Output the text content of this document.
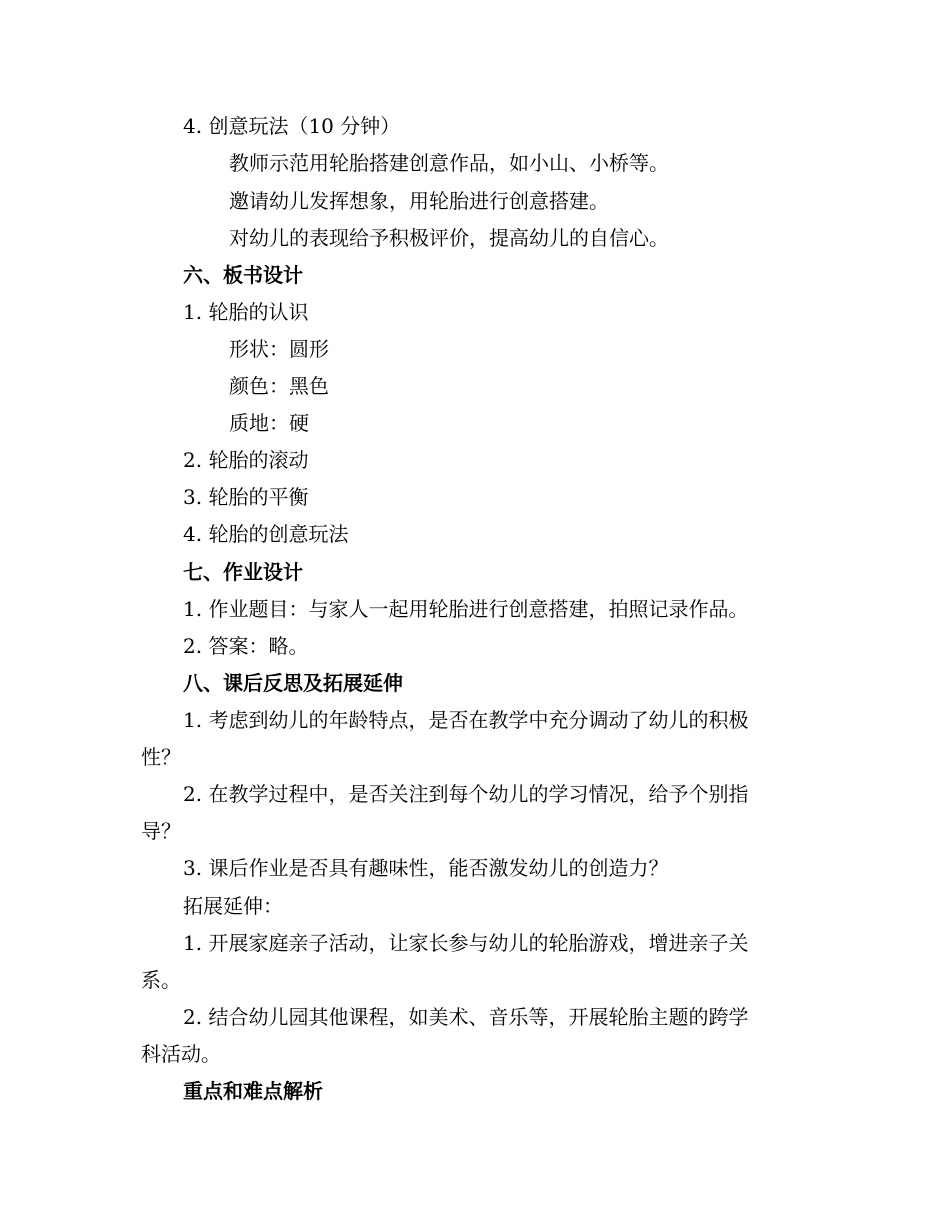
4. 创意玩法（10 分钟）
教师示范用轮胎搭建创意作品，如小山、小桥等。
邀请幼儿发挥想象，用轮胎进行创意搭建。
对幼儿的表现给予积极评价，提高幼儿的自信心。
六、板书设计
1. 轮胎的认识
形状：圆形
颜色：黑色
质地：硬
2. 轮胎的滚动
3. 轮胎的平衡
4. 轮胎的创意玩法
七、作业设计
1. 作业题目：与家人一起用轮胎进行创意搭建，拍照记录作品。
2. 答案：略。
八、课后反思及拓展延伸
1. 考虑到幼儿的年龄特点，是否在教学中充分调动了幼儿的积极
性？
2. 在教学过程中，是否关注到每个幼儿的学习情况，给予个别指
导？
3. 课后作业是否具有趣味性，能否激发幼儿的创造力？
拓展延伸：
1. 开展家庭亲子活动，让家长参与幼儿的轮胎游戏，增进亲子关
系。
2. 结合幼儿园其他课程，如美术、音乐等，开展轮胎主题的跨学
科活动。
重点和难点解析
